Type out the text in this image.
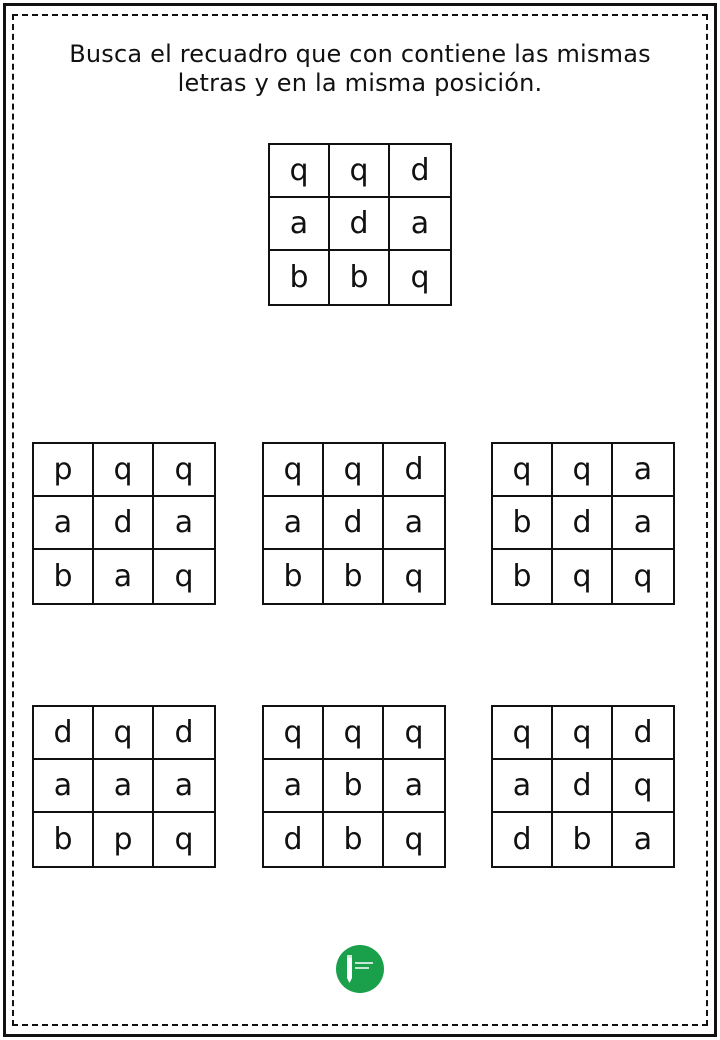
Busca el recuadro que con contiene las mismas
letras y en la misma posición.
q	q	d
a	d	a
b	b	q
p	q	q
a	d	a
b	a	q
q	q	d
a	d	a
b	b	q
q	q	a
b	d	a
b	q	q
d	q	d
a	a	a
b	p	q
q	q	q
a	b	a
d	b	q
q	q	d
a	d	q
d	b	a
